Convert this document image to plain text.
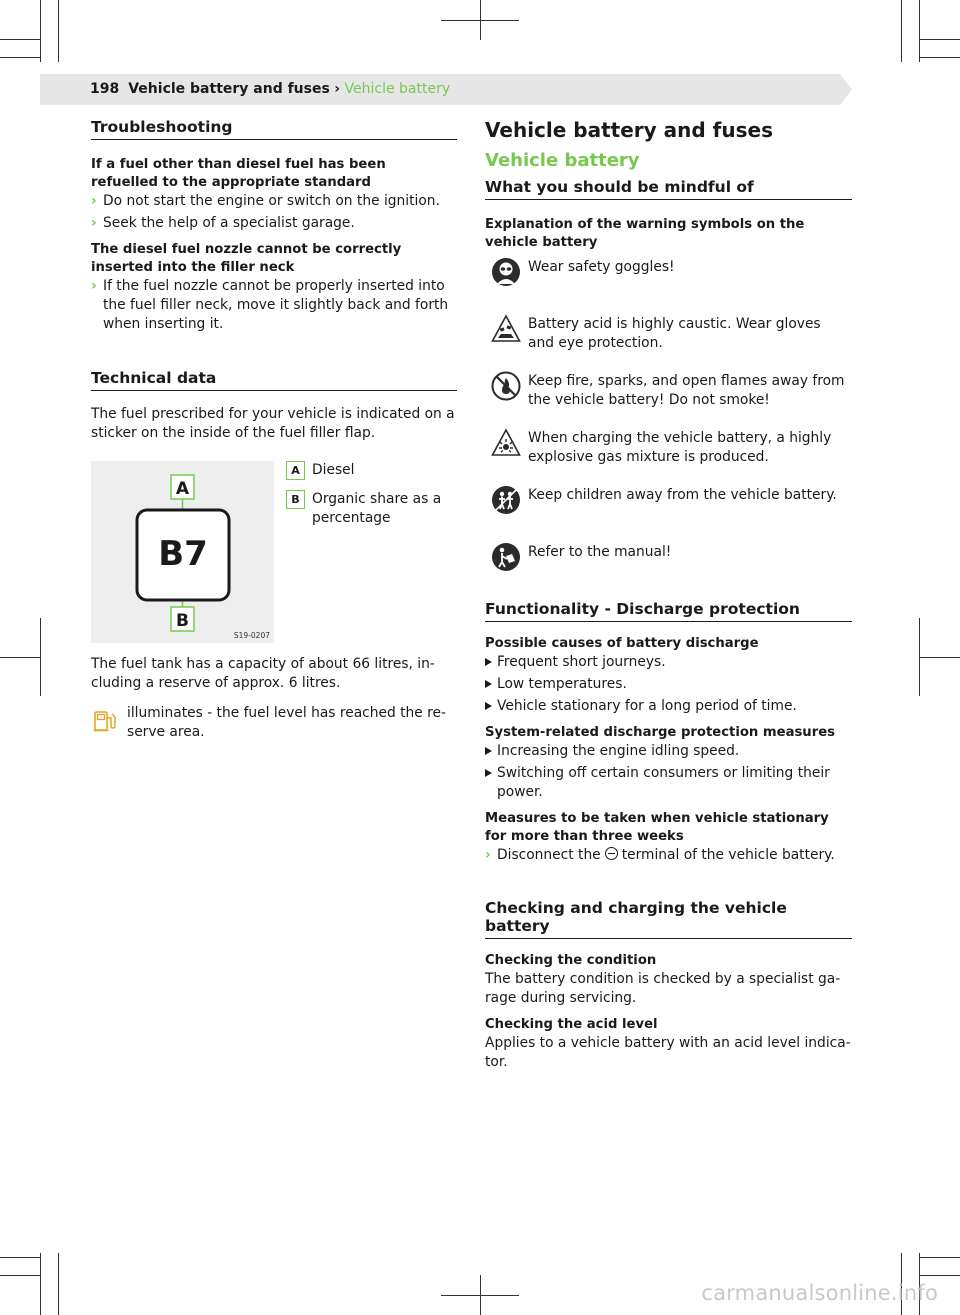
198 Vehicle battery and fuses › Vehicle battery
Troubleshooting

If a fuel other than diesel fuel has been refuelled to the appropriate standard

› Do not start the engine or switch on the ignition.
› Seek the help of a specialist garage.

The diesel fuel nozzle cannot be correctly inserted into the filler neck

› If the fuel nozzle cannot be properly inserted into the fuel filler neck, move it slightly back and forth when inserting it.
Technical data

The fuel prescribed for your vehicle is indicated on a sticker on the inside of the fuel filler flap.

B7
A
B
S19-0207
A Diesel
B Organic share as a percentage

The fuel tank has a capacity of about 66 litres, in-cluding a reserve of approx. 6 litres.

illuminates - the fuel level has reached the re-serve area.

Vehicle battery and fuses
Vehicle battery
What you should be mindful of

Explanation of the warning symbols on the vehicle battery

Wear safety goggles!
Battery acid is highly caustic. Wear gloves and eye protection.
Keep fire, sparks, and open flames away from the vehicle battery! Do not smoke!
When charging the vehicle battery, a highly explosive gas mixture is produced.
Keep children away from the vehicle battery.
Refer to the manual!
Functionality - Discharge protection

Possible causes of battery discharge

Frequent short journeys.
Low temperatures.
Vehicle stationary for a long period of time.

System-related discharge protection measures

Increasing the engine idling speed.
Switching off certain consumers or limiting their power.

Measures to be taken when vehicle stationary for more than three weeks

› Disconnect the terminal of the vehicle battery.
Checking and charging the vehicle battery

Checking the condition

The battery condition is checked by a specialist ga-rage during servicing.

Checking the acid level

Applies to a vehicle battery with an acid level indica-tor.

carmanualsonline.info
